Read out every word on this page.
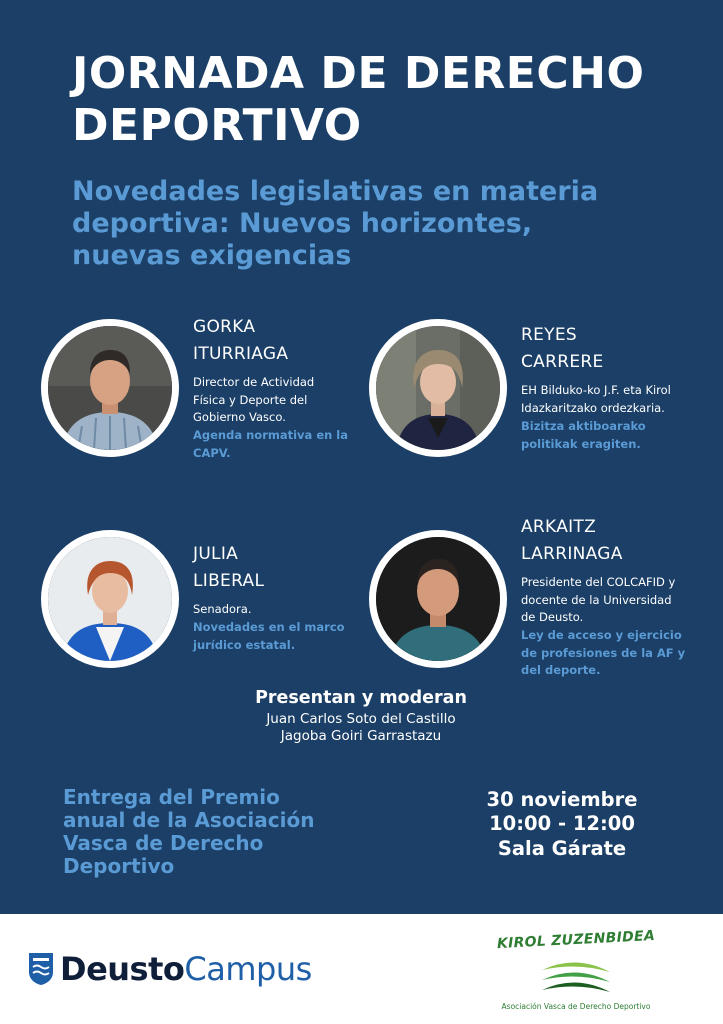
JORNADA DE DERECHO
DEPORTIVO
Novedades legislativas en materia
deportiva: Nuevos horizontes,
nuevas exigencias
GORKA
ITURRIAGA
Director de Actividad
Física y Deporte del
Gobierno Vasco.
Agenda normativa en la
CAPV.
REYES
CARRERE
EH Bilduko-ko J.F. eta Kirol
Idazkaritzako ordezkaria.
Bizitza aktiboarako
politikak eragiten.
JULIA
LIBERAL
Senadora.
Novedades en el marco
jurídico estatal.
ARKAITZ
LARRINAGA
Presidente del COLCAFID y
docente de la Universidad
de Deusto.
Ley de acceso y ejercicio
de profesiones de la AF y
del deporte.
Presentan y moderan
Juan Carlos Soto del Castillo
Jagoba Goiri Garrastazu
Entrega del Premio
anual de la Asociación
Vasca de Derecho
Deportivo
30 noviembre
10:00 - 12:00
Sala Gárate
Deusto Campus
KIROL ZUZENBIDEA
Asociación Vasca de Derecho Deportivo
